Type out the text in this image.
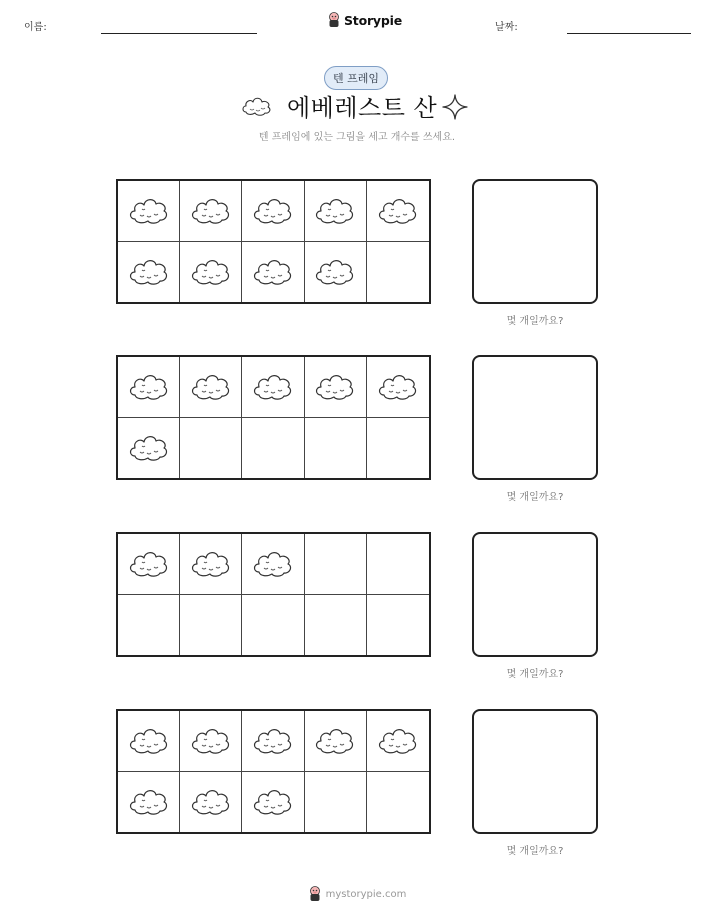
이름:	Storypie	날짜:
텐 프레임
에베레스트 산
텐 프레임에 있는 그림을 세고 개수를 쓰세요.
몇 개일까요?
몇 개일까요?
몇 개일까요?
몇 개일까요?
mystorypie.com
